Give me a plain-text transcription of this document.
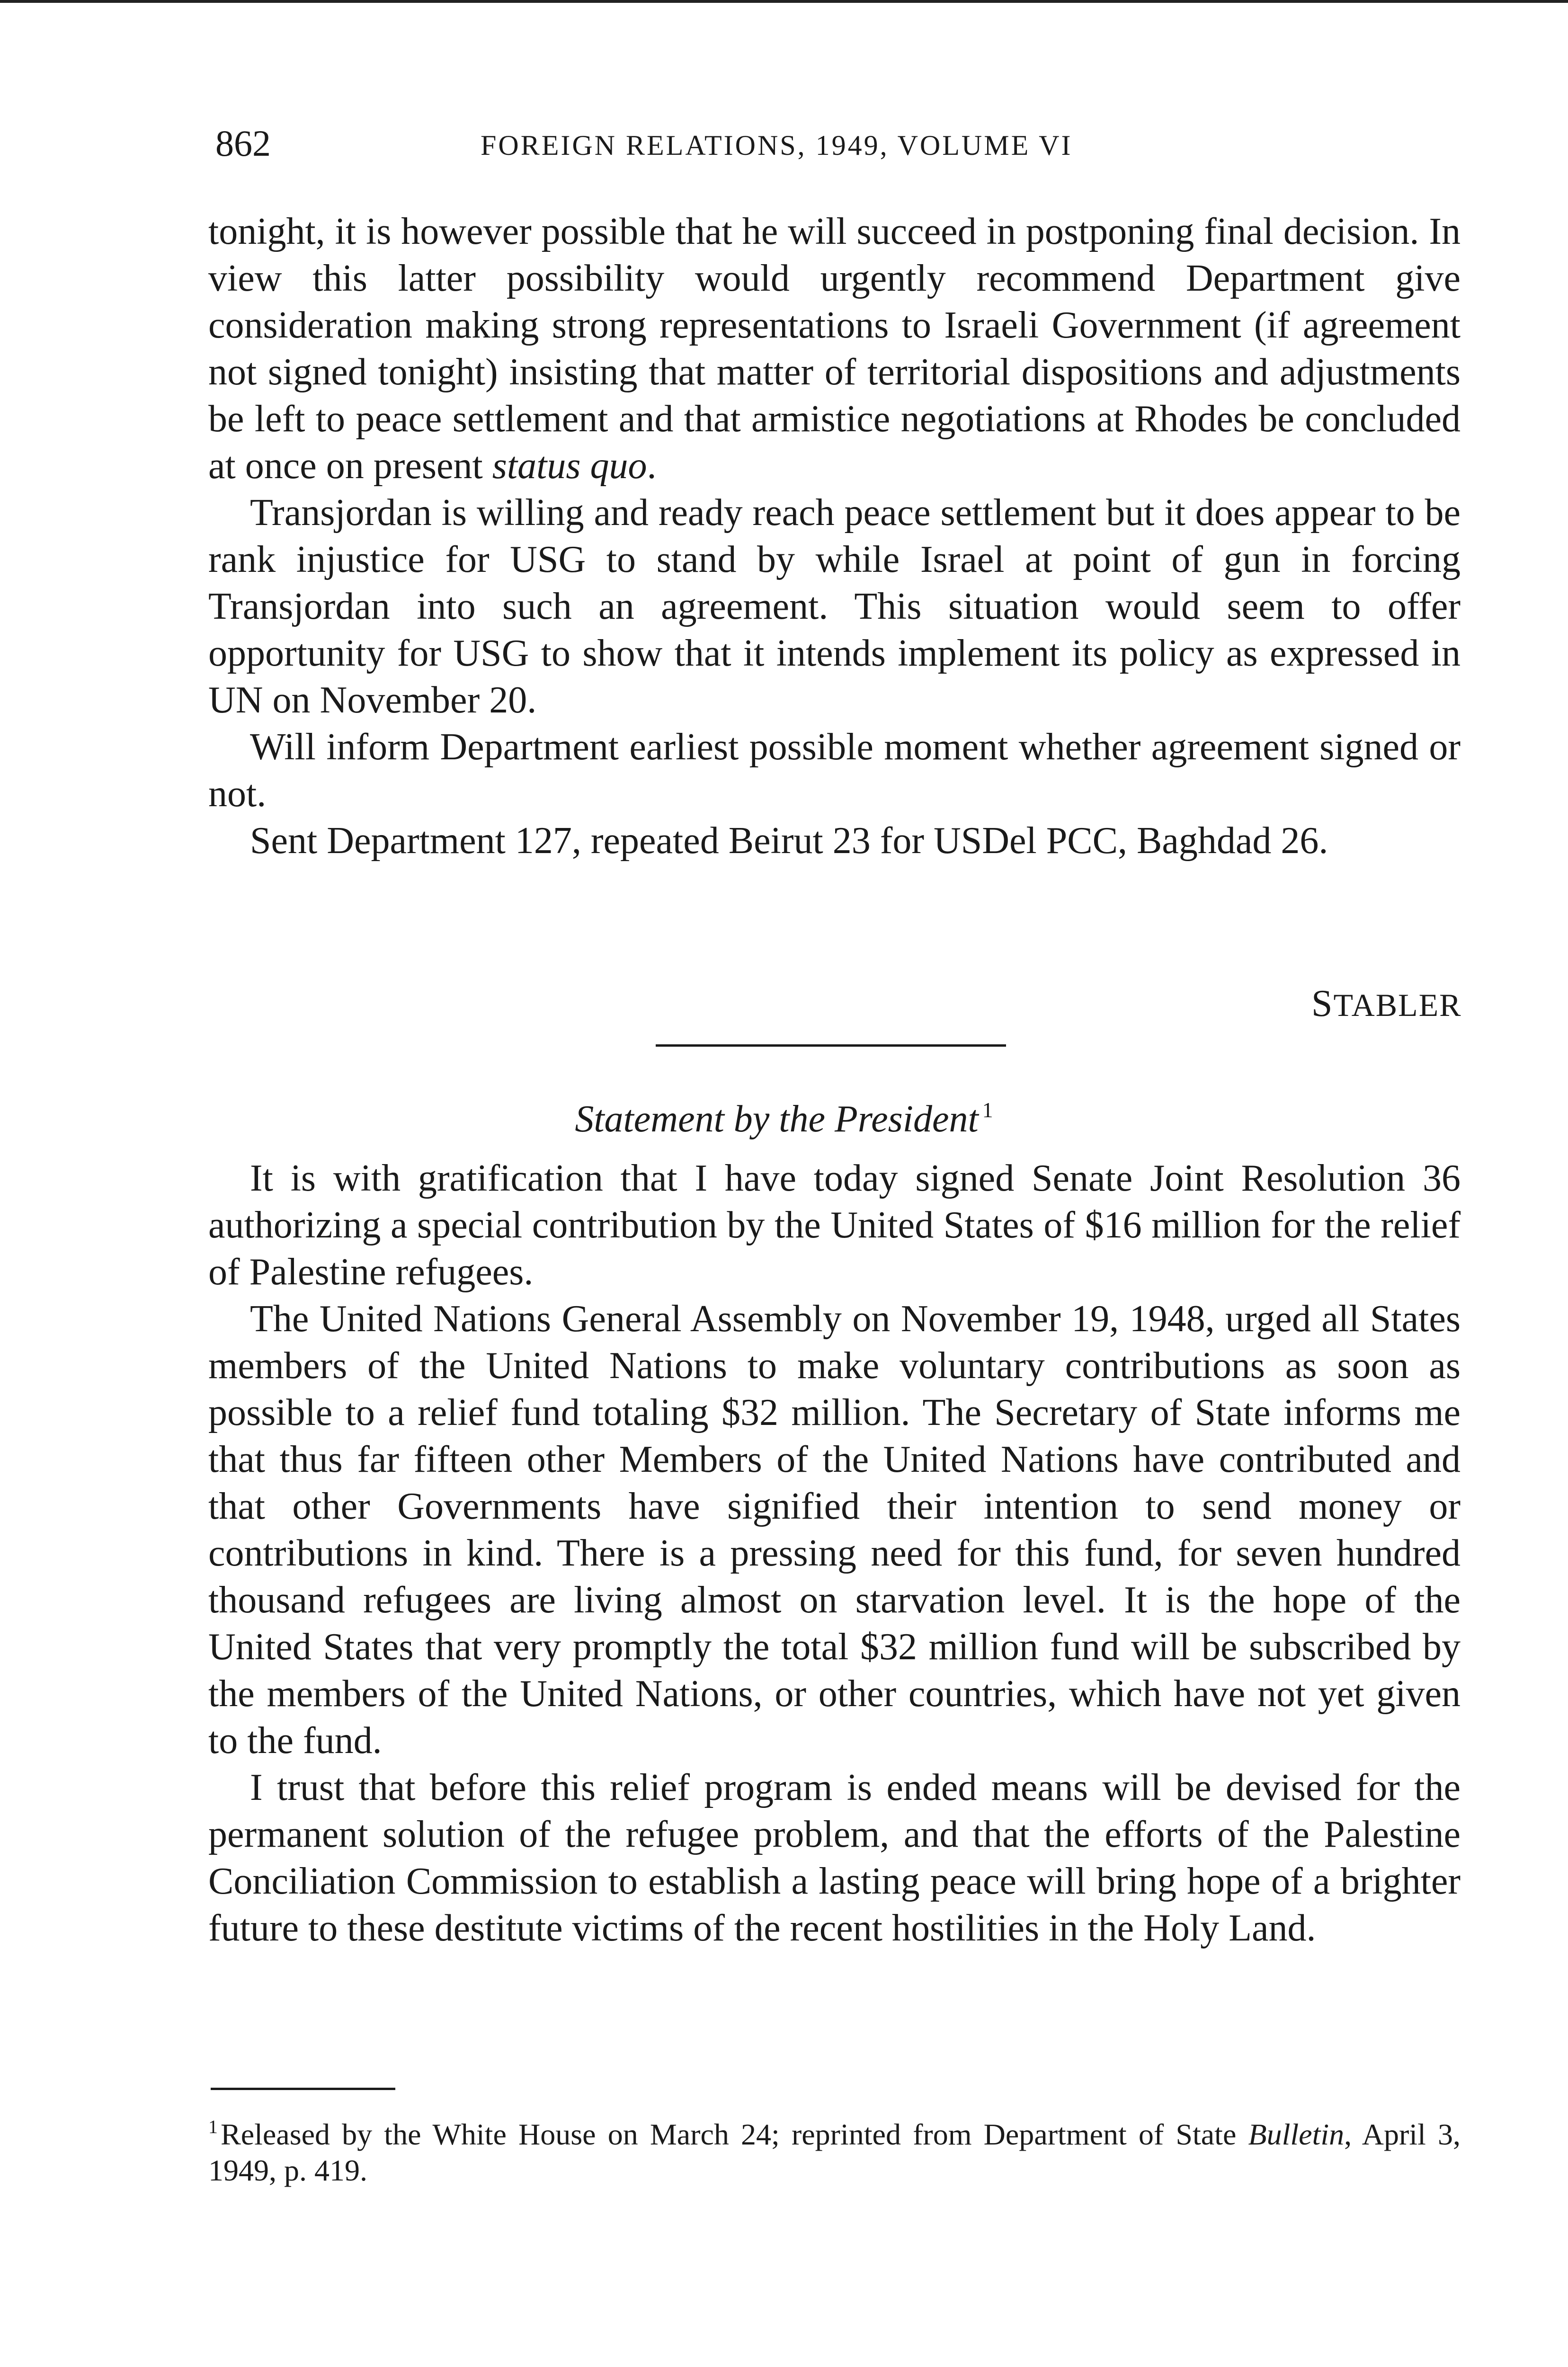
862	FOREIGN RELATIONS, 1949, VOLUME VI

tonight, it is however possible that he will succeed in postponing final decision. In view this latter possibility would urgently recommend Department give consideration making strong representations to Israeli Government (if agreement not signed tonight) insisting that matter of territorial dispositions and adjustments be left to peace settlement and that armistice negotiations at Rhodes be concluded at once on present status quo.

Transjordan is willing and ready reach peace settlement but it does appear to be rank injustice for USG to stand by while Israel at point of gun in forcing Transjordan into such an agreement. This situation would seem to offer opportunity for USG to show that it intends implement its policy as expressed in UN on November 20.

Will inform Department earliest possible moment whether agreement signed or not.

Sent Department 127, repeated Beirut 23 for USDel PCC, Baghdad 26.

STABLER
Statement by the President $^1$

It is with gratification that I have today signed Senate Joint Resolution 36 authorizing a special contribution by the United States of $16 million for the relief of Palestine refugees.

The United Nations General Assembly on November 19, 1948, urged all States members of the United Nations to make voluntary contributions as soon as possible to a relief fund totaling $32 million. The Secretary of State informs me that thus far fifteen other Members of the United Nations have contributed and that other Governments have signified their intention to send money or contributions in kind. There is a pressing need for this fund, for seven hundred thousand refugees are living almost on starvation level. It is the hope of the United States that very promptly the total $32 million fund will be subscribed by the members of the United Nations, or other countries, which have not yet given to the fund.

I trust that before this relief program is ended means will be devised for the permanent solution of the refugee problem, and that the efforts of the Palestine Conciliation Commission to establish a lasting peace will bring hope of a brighter future to these destitute victims of the recent hostilities in the Holy Land.

$^1$Released by the White House on March 24; reprinted from Department of State Bulletin, April 3, 1949, p. 419.
